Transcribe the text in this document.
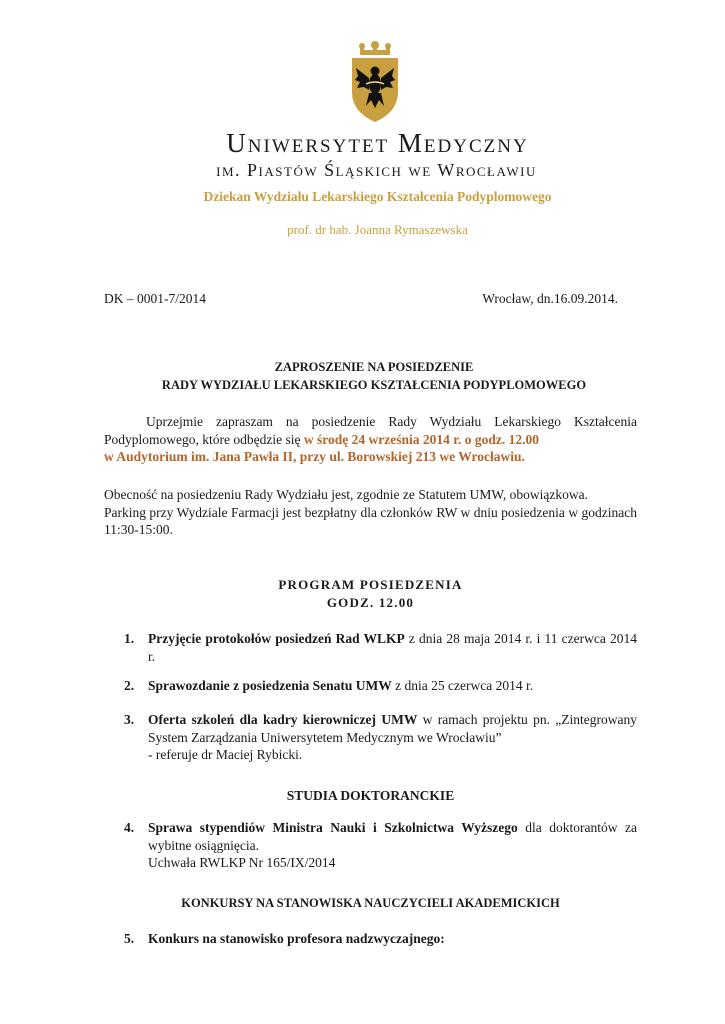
Uniwersytet Medyczny
im. Piastów Śląskich we Wrocławiu
Dziekan Wydziału Lekarskiego Kształcenia Podyplomowego
prof. dr hab. Joanna Rymaszewska
DK – 0001-7/2014	Wrocław, dn.16.09.2014.
ZAPROSZENIE NA POSIEDZENIE
RADY WYDZIAŁU LEKARSKIEGO KSZTAŁCENIA PODYPLOMOWEGO
Uprzejmie zapraszam na posiedzenie Rady Wydziału Lekarskiego Kształcenia Podyplomowego, które odbędzie się w środę 24 września 2014 r. o godz. 12.00
w Audytorium im. Jana Pawła II, przy ul. Borowskiej 213 we Wrocławiu.
Obecność na posiedzeniu Rady Wydziału jest, zgodnie ze Statutem UMW, obowiązkowa.
Parking przy Wydziale Farmacji jest bezpłatny dla członków RW w dniu posiedzenia w godzinach 11:30-15:00.
PROGRAM POSIEDZENIA
GODZ. 12.00
1. Przyjęcie protokołów posiedzeń Rad WLKP z dnia 28 maja 2014 r. i 11 czerwca 2014 r.
2. Sprawozdanie z posiedzenia Senatu UMW z dnia 25 czerwca 2014 r.
3. Oferta szkoleń dla kadry kierowniczej UMW w ramach projektu pn. „Zintegrowany System Zarządzania Uniwersytetem Medycznym we Wrocławiu”
- referuje dr Maciej Rybicki.
STUDIA DOKTORANCKIE
4. Sprawa stypendiów Ministra Nauki i Szkolnictwa Wyższego dla doktorantów za wybitne osiągnięcia.
Uchwała RWLKP Nr 165/IX/2014
KONKURSY NA STANOWISKA NAUCZYCIELI AKADEMICKICH
5. Konkurs na stanowisko profesora nadzwyczajnego:
